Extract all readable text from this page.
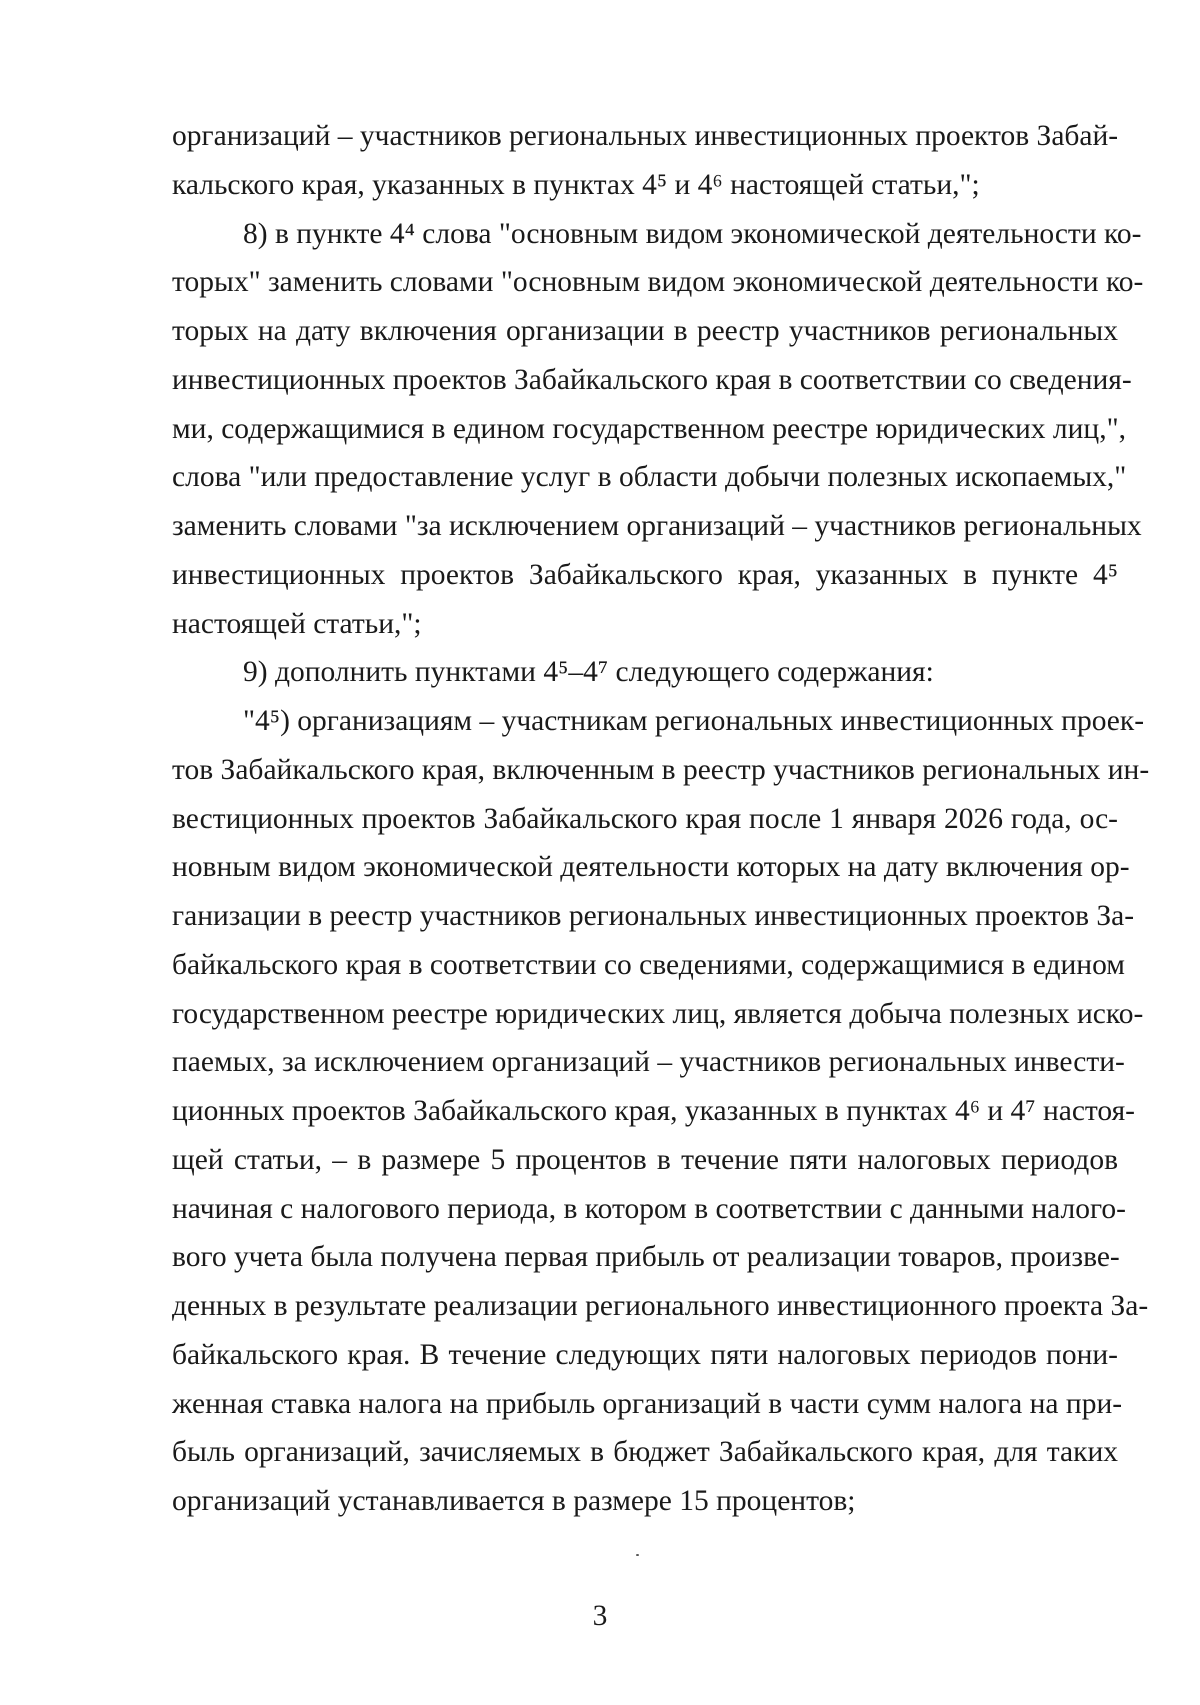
организаций – участников региональных инвестиционных проектов Забай-
кальского края, указанных в пунктах 4⁵ и 4⁶ настоящей статьи,";
8) в пункте 4⁴ слова "основным видом экономической деятельности ко-
торых" заменить словами "основным видом экономической деятельности ко-
торых на дату включения организации в реестр участников региональных
инвестиционных проектов Забайкальского края в соответствии со сведения-
ми, содержащимися в едином государственном реестре юридических лиц,",
слова "или предоставление услуг в области добычи полезных ископаемых,"
заменить словами "за исключением организаций – участников региональных
инвестиционных проектов Забайкальского края, указанных в пункте 4⁵
настоящей статьи,";
9) дополнить пунктами 4⁵–4⁷ следующего содержания:
"4⁵) организациям – участникам региональных инвестиционных проек-
тов Забайкальского края, включенным в реестр участников региональных ин-
вестиционных проектов Забайкальского края после 1 января 2026 года, ос-
новным видом экономической деятельности которых на дату включения ор-
ганизации в реестр участников региональных инвестиционных проектов За-
байкальского края в соответствии со сведениями, содержащимися в едином
государственном реестре юридических лиц, является добыча полезных иско-
паемых, за исключением организаций – участников региональных инвести-
ционных проектов Забайкальского края, указанных в пунктах 4⁶ и 4⁷ настоя-
щей статьи, – в размере 5 процентов в течение пяти налоговых периодов
начиная с налогового периода, в котором в соответствии с данными налого-
вого учета была получена первая прибыль от реализации товаров, произве-
денных в результате реализации регионального инвестиционного проекта За-
байкальского края. В течение следующих пяти налоговых периодов пони-
женная ставка налога на прибыль организаций в части сумм налога на при-
быль организаций, зачисляемых в бюджет Забайкальского края, для таких
организаций устанавливается в размере 15 процентов;
3
